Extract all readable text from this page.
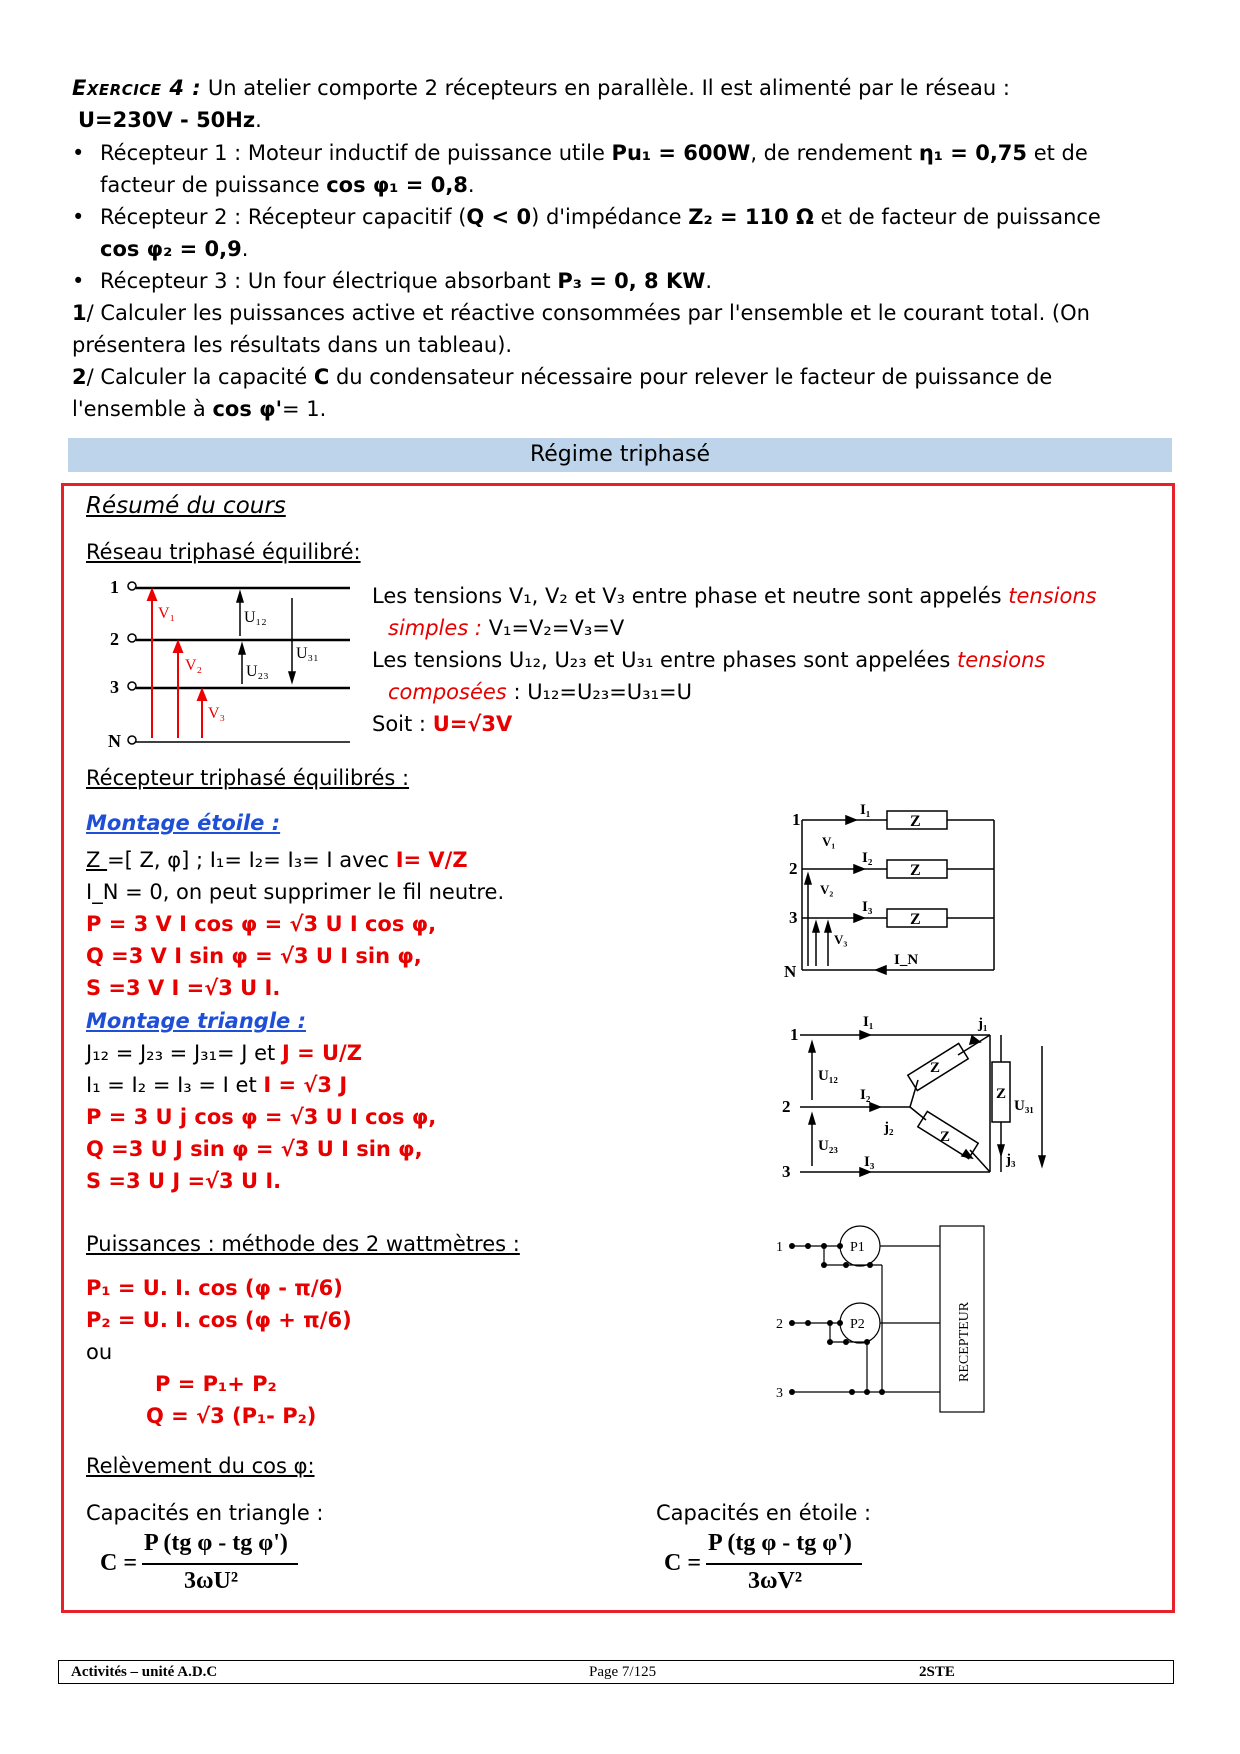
Exercice 4 : Un atelier comporte 2 récepteurs en parallèle. Il est alimenté par le réseau :
U=230V - 50Hz.
• Récepteur 1 : Moteur inductif de puissance utile Pu₁ = 600W, de rendement η₁ = 0,75 et de
facteur de puissance cos φ₁ = 0,8.
• Récepteur 2 : Récepteur capacitif (Q < 0) d'impédance Z₂ = 110 Ω et de facteur de puissance
cos φ₂ = 0,9.
• Récepteur 3 : Un four électrique absorbant P₃ = 0, 8 KW.
1/ Calculer les puissances active et réactive consommées par l'ensemble et le courant total. (On
présentera les résultats dans un tableau).
2/ Calculer la capacité C du condensateur nécessaire pour relever le facteur de puissance de
l'ensemble à cos φ'= 1.
Régime triphasé
Résumé du cours
Réseau triphasé équilibré:
1
2
3
N
V₁
V₂
V₃
U₁₂
U₂₃
U₃₁
Les tensions V₁, V₂ et V₃ entre phase et neutre sont appelés tensions
simples : V₁=V₂=V₃=V
Les tensions U₁₂, U₂₃ et U₃₁ entre phases sont appelées tensions
composées : U₁₂=U₂₃=U₃₁=U
Soit : U=√3V
Récepteur triphasé équilibrés :
Montage étoile :
Z =[ Z, φ] ; I₁= I₂= I₃= I avec I= V/Z
I_N = 0, on peut supprimer le fil neutre.
P = 3 V I cos φ = √3 U I cos φ,
Q =3 V I sin φ = √3 U I sin φ,
S =3 V I =√3 U I.
1
2
3
N
I₁
I₂
I₃
I_N
V₁
V₂
V₃
Z
Z
Z
Montage triangle :
J₁₂ = J₂₃ = J₃₁= J et J = U/Z
I₁ = I₂ = I₃ = I et I = √3 J
P = 3 U j cos φ = √3 U I cos φ,
Q =3 U J sin φ = √3 U I sin φ,
S =3 U J =√3 U I.
1
2
3
I₁
I₂
I₃
j₁
j₂
j₃
U₁₂
U₂₃
U₃₁
Z
Z
Z
Puissances : méthode des 2 wattmètres :
P₁ = U. I. cos (φ - π/6)
P₂ = U. I. cos (φ + π/6)
ou
P = P₁+ P₂
Q = √3 (P₁- P₂)
1
2
3
P1
P2	RECEPTEUR
Relèvement du cos φ:
Capacités en triangle :	Capacités en étoile :
C =
P (tg φ - tg φ')
3ωU²
C =
P (tg φ - tg φ')
3ωV²
Activités – unité A.D.C	Page 7/125	2STE
